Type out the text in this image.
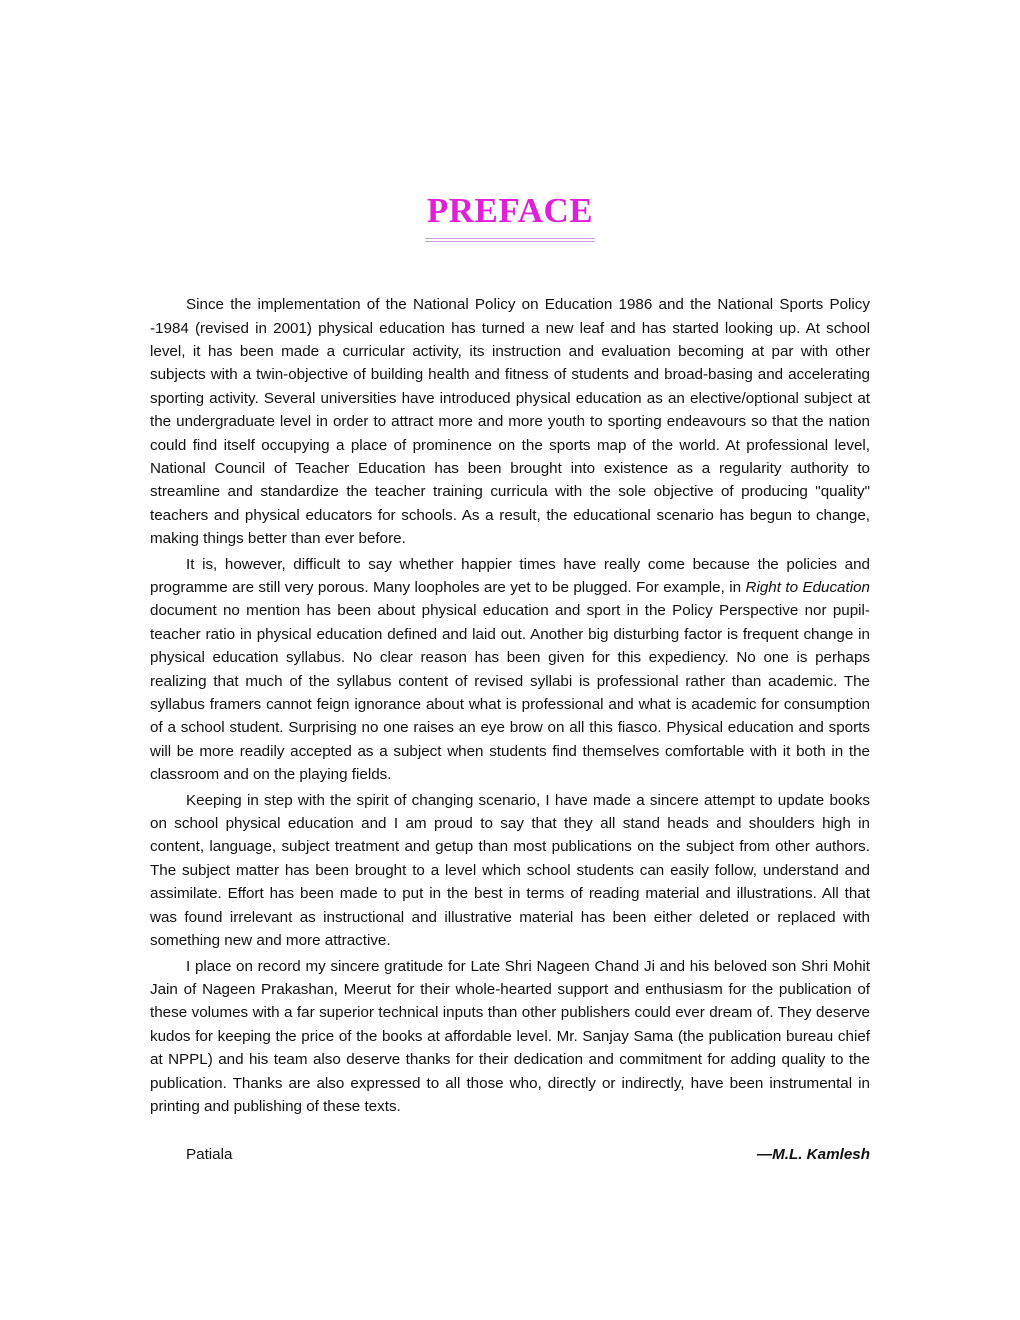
PREFACE

Since the implementation of the National Policy on Education 1986 and the National Sports Policy -1984 (revised in 2001) physical education has turned a new leaf and has started looking up. At school level, it has been made a curricular activity, its instruction and evaluation becoming at par with other subjects with a twin-objective of building health and fitness of students and broad-basing and accelerating sporting activity. Several universities have introduced physical education as an elective/optional subject at the undergraduate level in order to attract more and more youth to sporting endeavours so that the nation could find itself occupying a place of prominence on the sports map of the world. At professional level, National Council of Teacher Education has been brought into existence as a regularity authority to streamline and standardize the teacher training curricula with the sole objective of producing "quality" teachers and physical educators for schools. As a result, the educational scenario has begun to change, making things better than ever before.

It is, however, difficult to say whether happier times have really come because the policies and programme are still very porous. Many loopholes are yet to be plugged. For example, in Right to Education document no mention has been about physical education and sport in the Policy Perspective nor pupil-teacher ratio in physical education defined and laid out. Another big disturbing factor is frequent change in physical education syllabus. No clear reason has been given for this expediency. No one is perhaps realizing that much of the syllabus content of revised syllabi is professional rather than academic. The syllabus framers cannot feign ignorance about what is professional and what is academic for consumption of a school student. Surprising no one raises an eye brow on all this fiasco. Physical education and sports will be more readily accepted as a subject when students find themselves comfortable with it both in the classroom and on the playing fields.

Keeping in step with the spirit of changing scenario, I have made a sincere attempt to update books on school physical education and I am proud to say that they all stand heads and shoulders high in content, language, subject treatment and getup than most publications on the subject from other authors. The subject matter has been brought to a level which school students can easily follow, understand and assimilate. Effort has been made to put in the best in terms of reading material and illustrations. All that was found irrelevant as instructional and illustrative material has been either deleted or replaced with something new and more attractive.

I place on record my sincere gratitude for Late Shri Nageen Chand Ji and his beloved son Shri Mohit Jain of Nageen Prakashan, Meerut for their whole-hearted support and enthusiasm for the publication of these volumes with a far superior technical inputs than other publishers could ever dream of. They deserve kudos for keeping the price of the books at affordable level. Mr. Sanjay Sama (the publication bureau chief at NPPL) and his team also deserve thanks for their dedication and commitment for adding quality to the publication. Thanks are also expressed to all those who, directly or indirectly, have been instrumental in printing and publishing of these texts.

Patiala	—M.L. Kamlesh
